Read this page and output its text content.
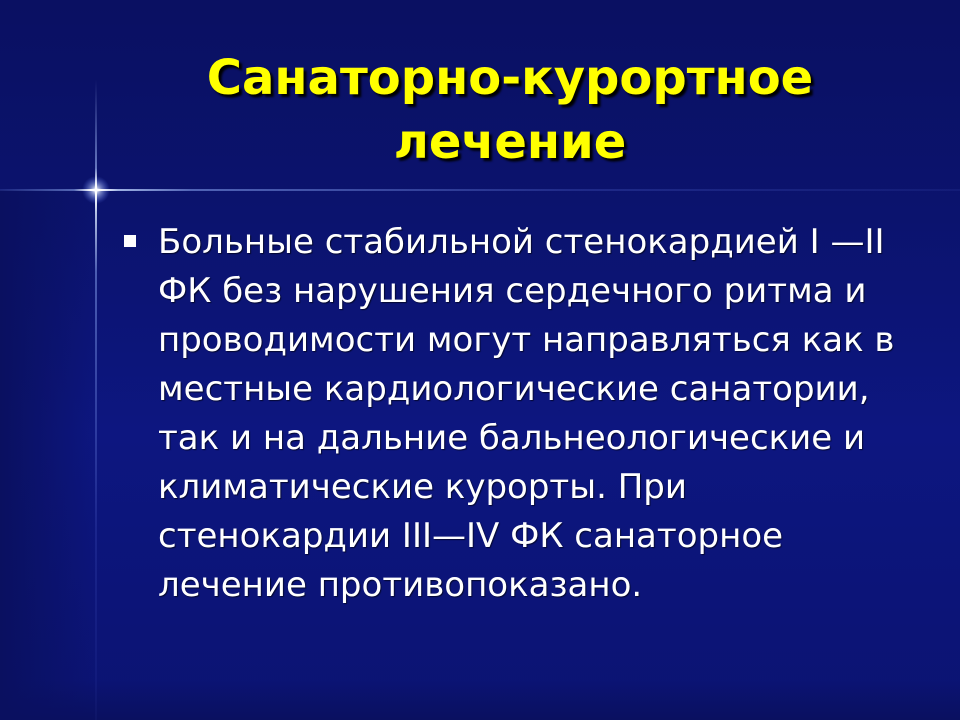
Санаторно-курортное лечение

Больные стабильной стенокардией I —II ФК без нарушения сердечного ритма и проводимости могут направляться как в местные кардиологические санатории, так и на дальние бальнеологические и климатические курорты. При стенокардии III—IV ФК санаторное лечение противопоказано.
